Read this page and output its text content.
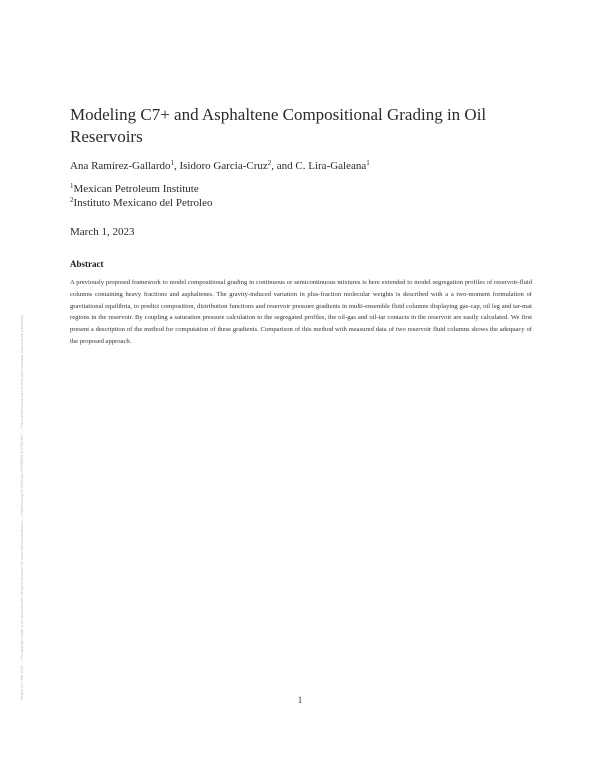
Posted on 1 Mar 2023 — The copyright holder is the author/funder. All rights reserved. No reuse without permission. — https://doi.org/10.22541/au.167768963.30379214/v1 — This a preprint and has not been peer reviewed. Data may be preliminary.
Modeling C7+ and Asphaltene Compositional Grading in Oil Reservoirs
Ana Ramírez-Gallardo$^1$, Isidoro Garcia-Cruz$^2$, and C. Lira-Galeana$^1$
$^1$Mexican Petroleum Institute
$^2$Instituto Mexicano del Petroleo
March 1, 2023
Abstract

A previously proposed framework to model compositional grading in continuous or semicontinuous mixtures is here extended to model segregation profiles of reservoir-fluid columns containing heavy fractions and asphaltenes. The gravity-induced variation in plus-fraction molecular weights is described with a a two-moment formulation of gravitational equilibria, to predict composition, distribution functions and reservoir pressure gradients in multi-ensemble fluid columns displaying gas-cap, oil leg and tar-mat regions in the reservoir. By coupling a saturation pressure calculation to the segregated profiles, the oil-gas and oil-tar contacts in the reservoir are easily calculated. We first present a description of the method for computation of these gradients. Comparison of this method with measured data of two reservoir fluid columns shows the adequacy of the proposed approach.

1
